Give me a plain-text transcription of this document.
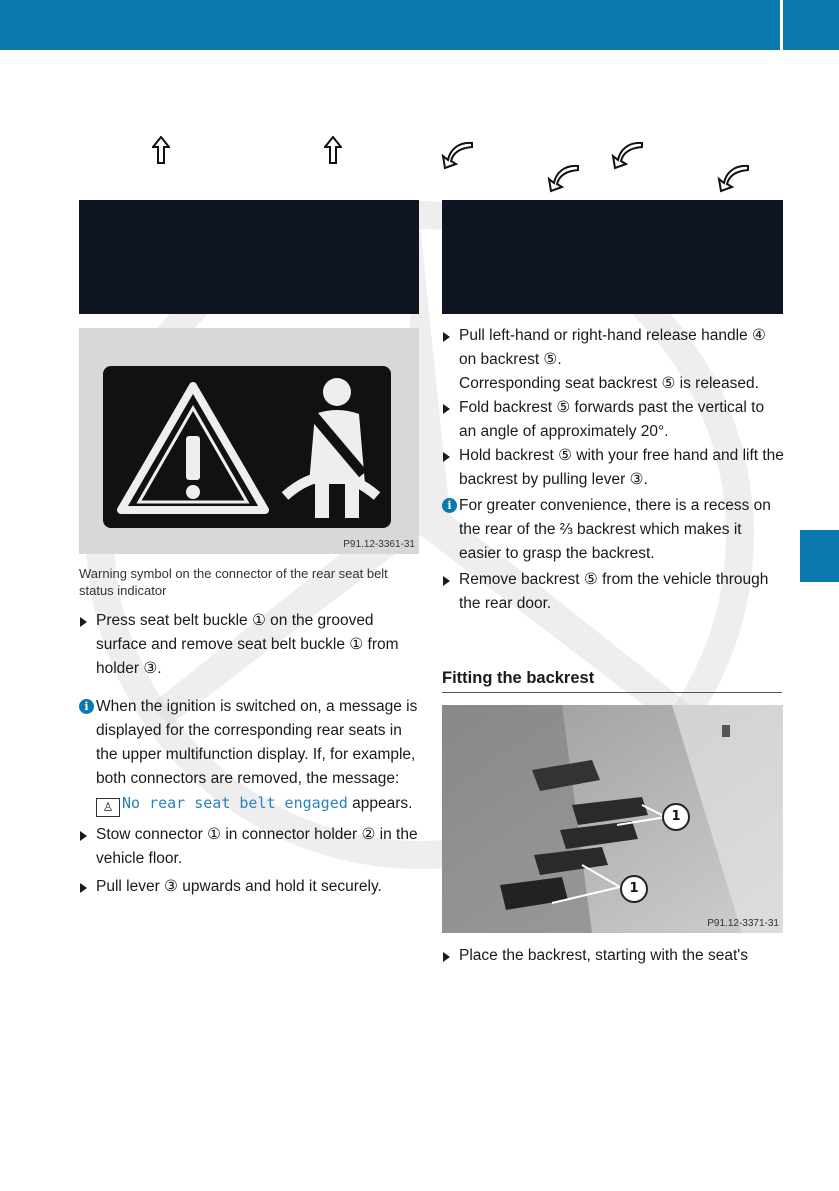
P91.12-3361-31

Warning symbol on the connector of the rear seat belt status indicator

Press seat belt buckle ① on the grooved surface and remove seat belt buckle ① from holder ③.

i When the ignition is switched on, a message is displayed for the corresponding rear seats in the upper multifunction display. If, for example, both connectors are removed, the message: ♙ No rear seat belt engaged appears.

Stow connector ① in connector holder ② in the vehicle floor.

Pull lever ③ upwards and hold it securely.

Pull left-hand or right-hand release handle ④ on backrest ⑤.

Corresponding seat backrest ⑤ is released.

Fold backrest ⑤ forwards past the vertical to an angle of approximately 20°.

Hold backrest ⑤ with your free hand and lift the backrest by pulling lever ③.

i For greater convenience, there is a recess on the rear of the ⅔ backrest which makes it easier to grasp the backrest.

Remove backrest ⑤ from the vehicle through the rear door.

Fitting the backrest
1
1
P91.12-3371-31

Place the backrest, starting with the seat's
